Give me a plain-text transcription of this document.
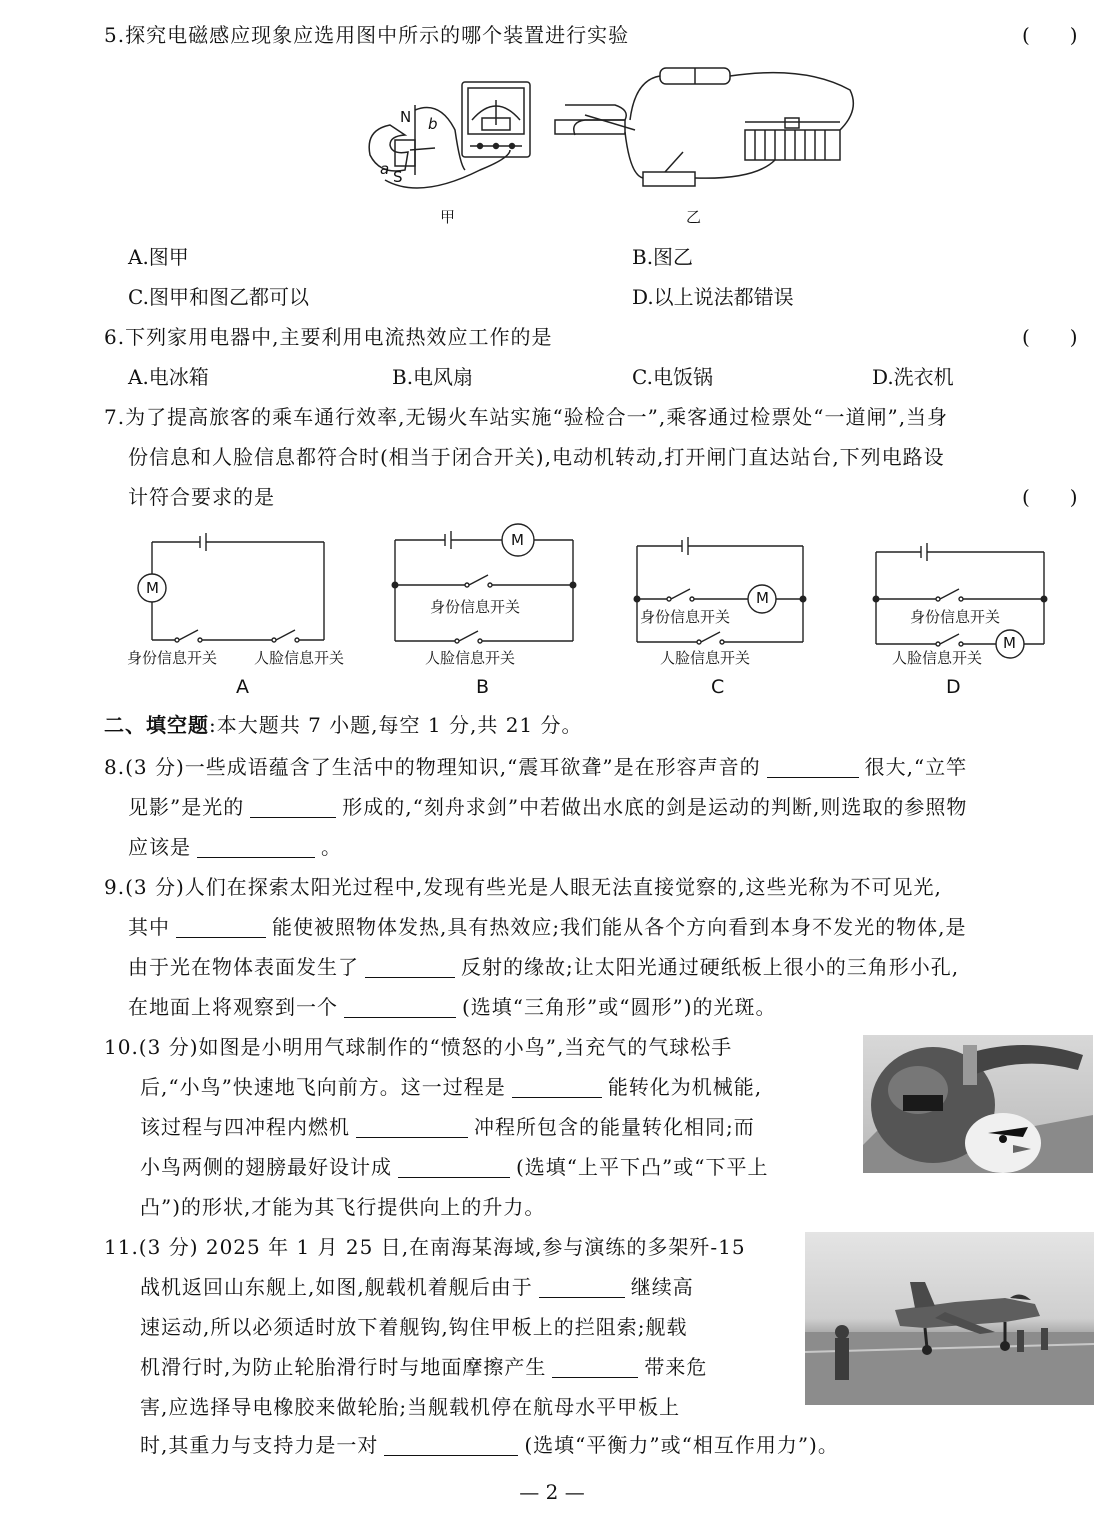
5.探究电磁感应现象应选用图中所示的哪个装置进行实验	(　　)
N
S
a
b
甲	乙
A.图甲	B.图乙
C.图甲和图乙都可以	D.以上说法都错误
6.下列家用电器中,主要利用电流热效应工作的是	(　　)
A.电冰箱	B.电风扇	C.电饭锅	D.洗衣机
7.为了提高旅客的乘车通行效率,无锡火车站实施“验检合一”,乘客通过检票处“一道闸”,当身
份信息和人脸信息都符合时(相当于闭合开关),电动机转动,打开闸门直达站台,下列电路设
计符合要求的是	(　　)
M
身份信息开关 人脸信息开关
A
M
身份信息开关
人脸信息开关
B
M
身份信息开关
人脸信息开关
C
M
身份信息开关
人脸信息开关
D
二、填空题:本大题共 7 小题,每空 1 分,共 21 分。
8.(3 分)一些成语蕴含了生活中的物理知识,“震耳欲聋”是在形容声音的	很大,“立竿
见影”是光的	形成的,“刻舟求剑”中若做出水底的剑是运动的判断,则选取的参照物
应该是	。
9.(3 分)人们在探索太阳光过程中,发现有些光是人眼无法直接觉察的,这些光称为不可见光,
其中	能使被照物体发热,具有热效应;我们能从各个方向看到本身不发光的物体,是
由于光在物体表面发生了	反射的缘故;让太阳光通过硬纸板上很小的三角形小孔,
在地面上将观察到一个	(选填“三角形”或“圆形”)的光斑。
10.(3 分)如图是小明用气球制作的“愤怒的小鸟”,当充气的气球松手
后,“小鸟”快速地飞向前方。这一过程是	能转化为机械能,
该过程与四冲程内燃机	冲程所包含的能量转化相同;而
小鸟两侧的翅膀最好设计成	(选填“上平下凸”或“下平上
凸”)的形状,才能为其飞行提供向上的升力。
11.(3 分) 2025 年 1 月 25 日,在南海某海域,参与演练的多架歼-15
战机返回山东舰上,如图,舰载机着舰后由于	继续高
速运动,所以必须适时放下着舰钩,钩住甲板上的拦阻索;舰载
机滑行时,为防止轮胎滑行时与地面摩擦产生	带来危
害,应选择导电橡胶来做轮胎;当舰载机停在航母水平甲板上
时,其重力与支持力是一对	(选填“平衡力”或“相互作用力”)。
— 2 —
